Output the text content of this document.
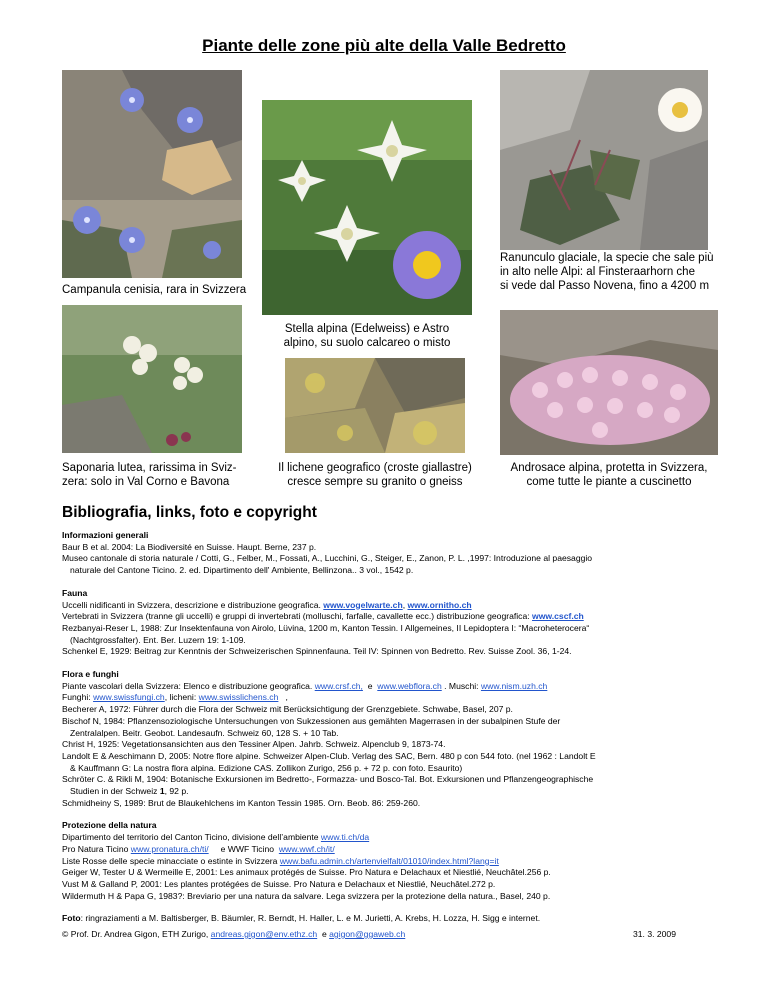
Piante delle zone più alte della Valle Bedretto
Campanula cenisia, rara in Svizzera
Stella alpina (Edelweiss) e Astro
alpino, su suolo calcareo o misto
Ranunculo glaciale, la specie che sale più
in alto nelle Alpi: al Finsteraarhorn che
si vede dal Passo Novena, fino a 4200 m
Saponaria lutea, rarissima in Sviz-
zera: solo in Val Corno e Bavona
Il lichene geografico (croste giallastre)
cresce sempre su granito o gneiss
Androsace alpina, protetta in Svizzera,
come tutte le piante a cuscinetto
Bibliografia, links, foto e copyright
Informazioni generali
Baur B et al. 2004: La Biodiversité en Suisse. Haupt. Berne, 237 p.
Museo cantonale di storia naturale / Cotti, G., Felber, M., Fossati, A., Lucchini, G., Steiger, E., Zanon, P. L. ,1997: Introduzione al paesaggio
naturale del Cantone Ticino. 2. ed. Dipartimento dell' Ambiente, Bellinzona.. 3 vol., 1542 p.
Fauna
Uccelli nidificanti in Svizzera, descrizione e distribuzione geografica. www.vogelwarte.ch, www.ornitho.ch
Vertebrati in Svizzera (tranne gli uccelli) e gruppi di invertebrati (molluschi, farfalle, cavallette ecc.) distribuzione geografica: www.cscf.ch
Rezbanyai-Reser L, 1988: Zur Insektenfauna von Airolo, Lüvina, 1200 m, Kanton Tessin. I Allgemeines, II Lepidoptera I: “Macroheterocera“
(Nachtgrossfalter). Ent. Ber. Luzern 19: 1-109.
Schenkel E, 1929: Beitrag zur Kenntnis der Schweizerischen Spinnenfauna. Teil IV: Spinnen von Bedretto. Rev. Suisse Zool. 36, 1-24.
Flora e funghi
Piante vascolari della Svizzera: Elenco e distribuzione geografica. www.crsf.ch,  e  www.webflora.ch . Muschi: www.nism.uzh.ch
Funghi: www.swissfungi.ch, licheni: www.swisslichens.ch   ,
Becherer A, 1972: Führer durch die Flora der Schweiz mit Berücksichtigung der Grenzgebiete. Schwabe, Basel, 207 p.
Bischof N, 1984: Pflanzensoziologische Untersuchungen von Sukzessionen aus gemähten Magerrasen in der subalpinen Stufe der
Zentralalpen. Beitr. Geobot. Landesaufn. Schweiz 60, 128 S. + 10 Tab.
Christ H, 1925: Vegetationsansichten aus den Tessiner Alpen. Jahrb. Schweiz. Alpenclub 9, 1873-74.
Landolt E & Aeschimann D, 2005: Notre flore alpine. Schweizer Alpen-Club. Verlag des SAC, Bern. 480 p con 544 foto. (nel 1962 : Landolt E
& Kauffmann G: La nostra flora alpina. Edizione CAS. Zollikon Zurigo, 256 p. + 72 p. con foto. Esaurito)
Schröter C. & Rikli M, 1904: Botanische Exkursionen im Bedretto-, Formazza- und Bosco-Tal. Bot. Exkursionen und Pflanzengeographische
Studien in der Schweiz 1, 92 p.
Schmidheiny S, 1989: Brut de Blaukehlchens im Kanton Tessin 1985. Orn. Beob. 86: 259-260.
Protezione della natura
Dipartimento del territorio del Canton Ticino, divisione dell’ambiente www.ti.ch/da
Pro Natura Ticino www.pronatura.ch/ti/     e WWF Ticino  www.wwf.ch/it/
Liste Rosse delle specie minacciate o estinte in Svizzera www.bafu.admin.ch/artenvielfalt/01010/index.html?lang=it
Geiger W, Tester U & Wermeille E, 2001: Les animaux protégés de Suisse. Pro Natura e Delachaux et Niestlié, Neuchâtel.256 p.
Vust M & Galland P, 2001: Les plantes protégées de Suisse. Pro Natura e Delachaux et Niestlié, Neuchâtel.272 p.
Wildermuth H & Papa G, 1983?: Breviario per una natura da salvare. Lega svizzera per la protezione della natura., Basel, 240 p.
Foto: ringraziamenti a M. Baltisberger, B. Bäumler, R. Berndt, H. Haller, L. e M. Jurietti, A. Krebs, H. Lozza, H. Sigg e internet.
© Prof. Dr. Andrea Gigon, ETH Zurigo, andreas.gigon@env.ethz.ch  e agigon@ggaweb.ch	31. 3. 2009
